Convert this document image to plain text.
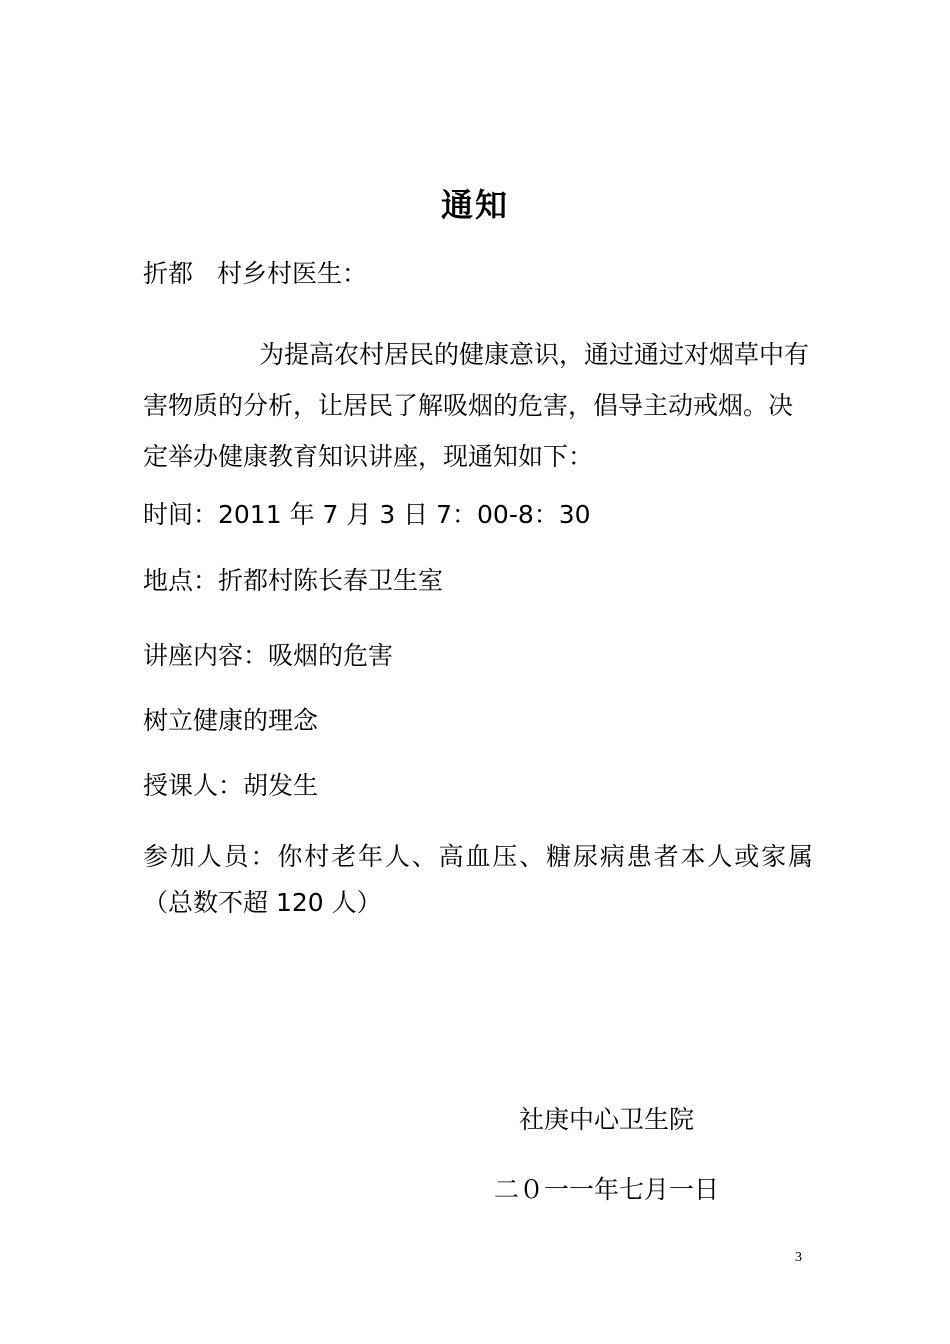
通知
折都 村乡村医生：
为提高农村居民的健康意识，通过通过对烟草中有害物质的分析，让居民了解吸烟的危害，倡导主动戒烟。决定举办健康教育知识讲座，现通知如下：
时间：2011 年 7 月 3 日 7：00-8：30
地点：折都村陈长春卫生室
讲座内容：吸烟的危害
树立健康的理念
授课人：胡发生
参加人员：你村老年人、高血压、糖尿病患者本人或家属（总数不超 120 人）
社庚中心卫生院
二０一一年七月一日
3
